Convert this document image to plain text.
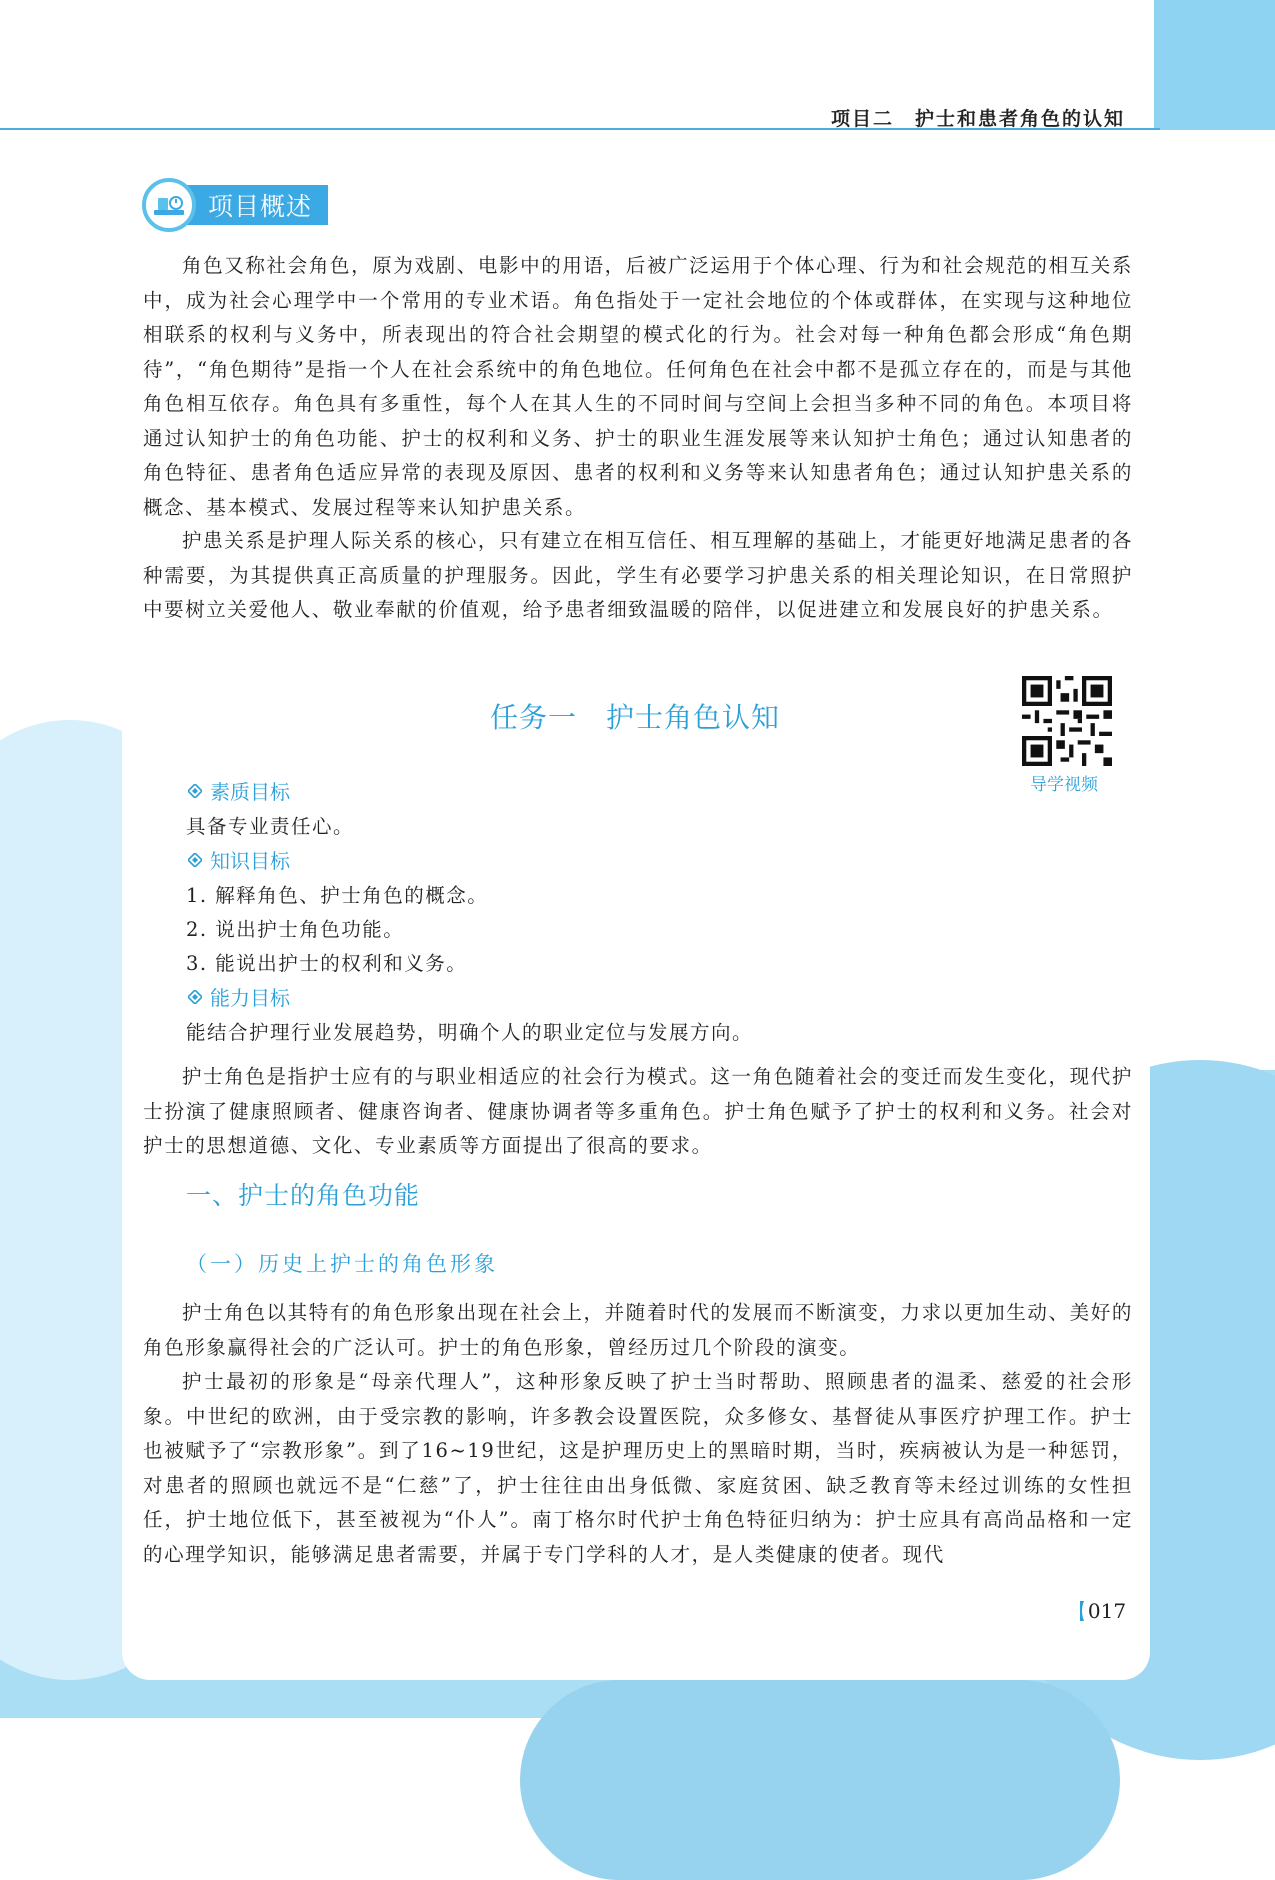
项目二　护士和患者角色的认知
项目概述

角色又称社会角色，原为戏剧、电影中的用语，后被广泛运用于个体心理、行为和社会规范的相互关系中，成为社会心理学中一个常用的专业术语。角色指处于一定社会地位的个体或群体，在实现与这种地位相联系的权利与义务中，所表现出的符合社会期望的模式化的行为。社会对每一种角色都会形成“角色期待”，“角色期待”是指一个人在社会系统中的角色地位。任何角色在社会中都不是孤立存在的，而是与其他角色相互依存。角色具有多重性，每个人在其人生的不同时间与空间上会担当多种不同的角色。本项目将通过认知护士的角色功能、护士的权利和义务、护士的职业生涯发展等来认知护士角色；通过认知患者的角色特征、患者角色适应异常的表现及原因、患者的权利和义务等来认知患者角色；通过认知护患关系的概念、基本模式、发展过程等来认知护患关系。

护患关系是护理人际关系的核心，只有建立在相互信任、相互理解的基础上，才能更好地满足患者的各种需要，为其提供真正高质量的护理服务。因此，学生有必要学习护患关系的相关理论知识，在日常照护中要树立关爱他人、敬业奉献的价值观，给予患者细致温暖的陪伴，以促进建立和发展良好的护患关系。

任务一　护士角色认知
导学视频
素质目标
具备专业责任心。
知识目标
1. 解释角色、护士角色的概念。
2. 说出护士角色功能。
3. 能说出护士的权利和义务。
能力目标
能结合护理行业发展趋势，明确个人的职业定位与发展方向。

护士角色是指护士应有的与职业相适应的社会行为模式。这一角色随着社会的变迁而发生变化，现代护士扮演了健康照顾者、健康咨询者、健康协调者等多重角色。护士角色赋予了护士的权利和义务。社会对护士的思想道德、文化、专业素质等方面提出了很高的要求。

一、护士的角色功能
（一）历史上护士的角色形象

护士角色以其特有的角色形象出现在社会上，并随着时代的发展而不断演变，力求以更加生动、美好的角色形象赢得社会的广泛认可。护士的角色形象，曾经历过几个阶段的演变。

护士最初的形象是“母亲代理人”，这种形象反映了护士当时帮助、照顾患者的温柔、慈爱的社会形象。中世纪的欧洲，由于受宗教的影响，许多教会设置医院，众多修女、基督徒从事医疗护理工作。护士也被赋予了“宗教形象”。到了16~19世纪，这是护理历史上的黑暗时期，当时，疾病被认为是一种惩罚，对患者的照顾也就远不是“仁慈”了，护士往往由出身低微、家庭贫困、缺乏教育等未经过训练的女性担任，护士地位低下，甚至被视为“仆人”。南丁格尔时代护士角色特征归纳为：护士应具有高尚品格和一定的心理学知识，能够满足患者需要，并属于专门学科的人才，是人类健康的使者。现代

017
